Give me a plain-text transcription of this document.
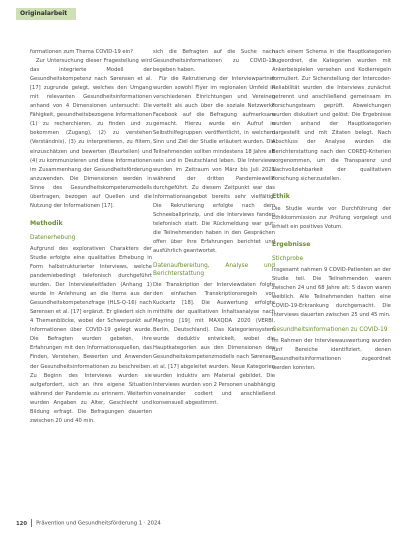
Originalarbeit

formationen zum Thema COVID-19 ein?

Zur Untersuchung dieser Fragestellung wird das integrierte Modell der Gesundheitskompetenz nach Sørensen et al. [17] zugrunde gelegt, welches den Umgang mit relevanten Gesundheitsinformationen anhand von 4 Dimensionen untersucht: Die Fähigkeit, gesundheitsbezogene Informationen (1) zu recherchieren, zu finden und zu bekommen (Zugang), (2) zu verstehen (Verständnis), (3) zu interpretieren, zu filtern, einzuschätzen und bewerten (Beurteilen) und (4) zu kommunizieren und diese Informationen im Zusammenhang der Gesundheitsförderung anzuwenden. Die Dimensionen werden in Sinne des Gesundheitskompetenzmodells übertragen, bezogen auf Quellen und die Nutzung der Informationen [17].

Methodik
Datenerhebung

Aufgrund des explorativen Charakters der Studie erfolgte eine qualitative Erhebung in Form halbstrukturierter Interviews, welche pandemiebedingt telefonisch durchgeführt wurden. Der Interviewleitfaden (Anhang 1) wurde in Anlehnung an die Items aus der Gesundheitskompetenzfrage (HLS-Q-16) nach Sørensen et al. [17] ergänzt. Er gliedert sich in 4 Themenblöcke, wobei der Schwerpunkt auf Informationen über COVID-19 gelegt wurde. Die Befragten wurden gebeten, ihre Erfahrungen mit den Informationsquellen, das Finden, Verstehen, Bewerten und Anwenden der Gesundheitsinformationen zu beschreiben. Zu Beginn des Interviews wurden sie aufgefordert, sich an ihre eigene Situation während der Pandemie zu erinnern. Weiterhin wurden Angaben zu Alter, Geschlecht und Bildung erfragt. Die Befragungen dauerten zwischen 20 und 40 min.

sich die Befragten auf die Suche nach Gesundheitsinformationen zu COVID-19 begeben haben.

Für die Rekrutierung der Interviewpartner wurden sowohl Flyer im regionalen Umfeld in verschiedenen Einrichtungen und Vereinen verteilt als auch über die soziale Netzwerke Facebook auf die Befragung aufmerksam gemacht. Hierzu wurde ein Aufruf in Selbsthilfegruppen veröffentlicht, in welchem Sinn und Ziel der Studie erläutert wurden. Die Teilnehmenden sollten mindestens 18 Jahre alt sein und in Deutschland leben. Die Interviews wurden im Zeitraum von März bis Juli 2021 während der dritten Pandemiewelle durchgeführt. Zu diesem Zeitpunkt war das Informationsangebot bereits sehr vielfältig. Die Rekrutierung erfolgte nach dem Schneeballprinzip, und die Interviews fanden telefonisch statt. Die Rückmeldung war gut; die Teilnehmenden haben in den Gesprächen offen über ihre Erfahrungen berichtet und ausführlich geantwortet.

Datenaufbereitung, Analyse und Berichterstattung

Die Transkription der Interviewdaten folgte den einfachen Transkriptionsregeln von Kuckartz [18]. Die Auswertung erfolgte mithilfe der qualitativen Inhaltsanalyse nach Mayring [19] mit MAXQDA 2020 (VERBI, Berlin, Deutschland). Das Kategoriensystem wurde deduktiv entwickelt, wobei die Hauptkategorien aus den Dimensionen des Gesundheitskompetenzmodells nach Sørensen et al. [17] abgeleitet wurden. Neue Kategorien wurden induktiv am Material gebildet. Die Interviews wurden von 2 Personen unabhängig voneinander codiert und anschließend konsensuell abgestimmt.

nach einem Schema in die Hauptkategorien zugeordnet, die Kategorien wurden mit Ankerbeispielen versehen und Kodierregeln formuliert. Zur Sicherstellung der Intercoder-Reliabilität wurden die Interviews zunächst getrennt und anschließend gemeinsam im Forschungsteam geprüft. Abweichungen wurden diskutiert und gelöst. Die Ergebnisse wurden anhand der Hauptkategorien dargestellt und mit Zitaten belegt. Nach Abschluss der Analyse wurden die Berichterstattung nach den COREQ-Kriterien vorgenommen, um die Transparenz und Nachvollziehbarkeit der qualitativen Forschung sicherzustellen.

Ethik

Die Studie wurde vor Durchführung der Ethikkommission zur Prüfung vorgelegt und erhielt ein positives Votum.

Ergebnisse
Stichprobe

Insgesamt nahmen 9 COVID-Patienten an der Studie teil. Die Teilnehmenden waren zwischen 24 und 68 Jahre alt; 5 davon waren weiblich. Alle Teilnehmenden hatten eine COVID-19-Erkrankung durchgemacht. Die Interviews dauerten zwischen 25 und 45 min.

Gesundheitsinformationen zu COVID-19

Im Rahmen der Interviewauswertung wurden fünf Bereiche identifiziert, denen Gesundheitsinformationen zugeordnet werden konnten.

120 Prävention und Gesundheitsförderung 1 · 2024
